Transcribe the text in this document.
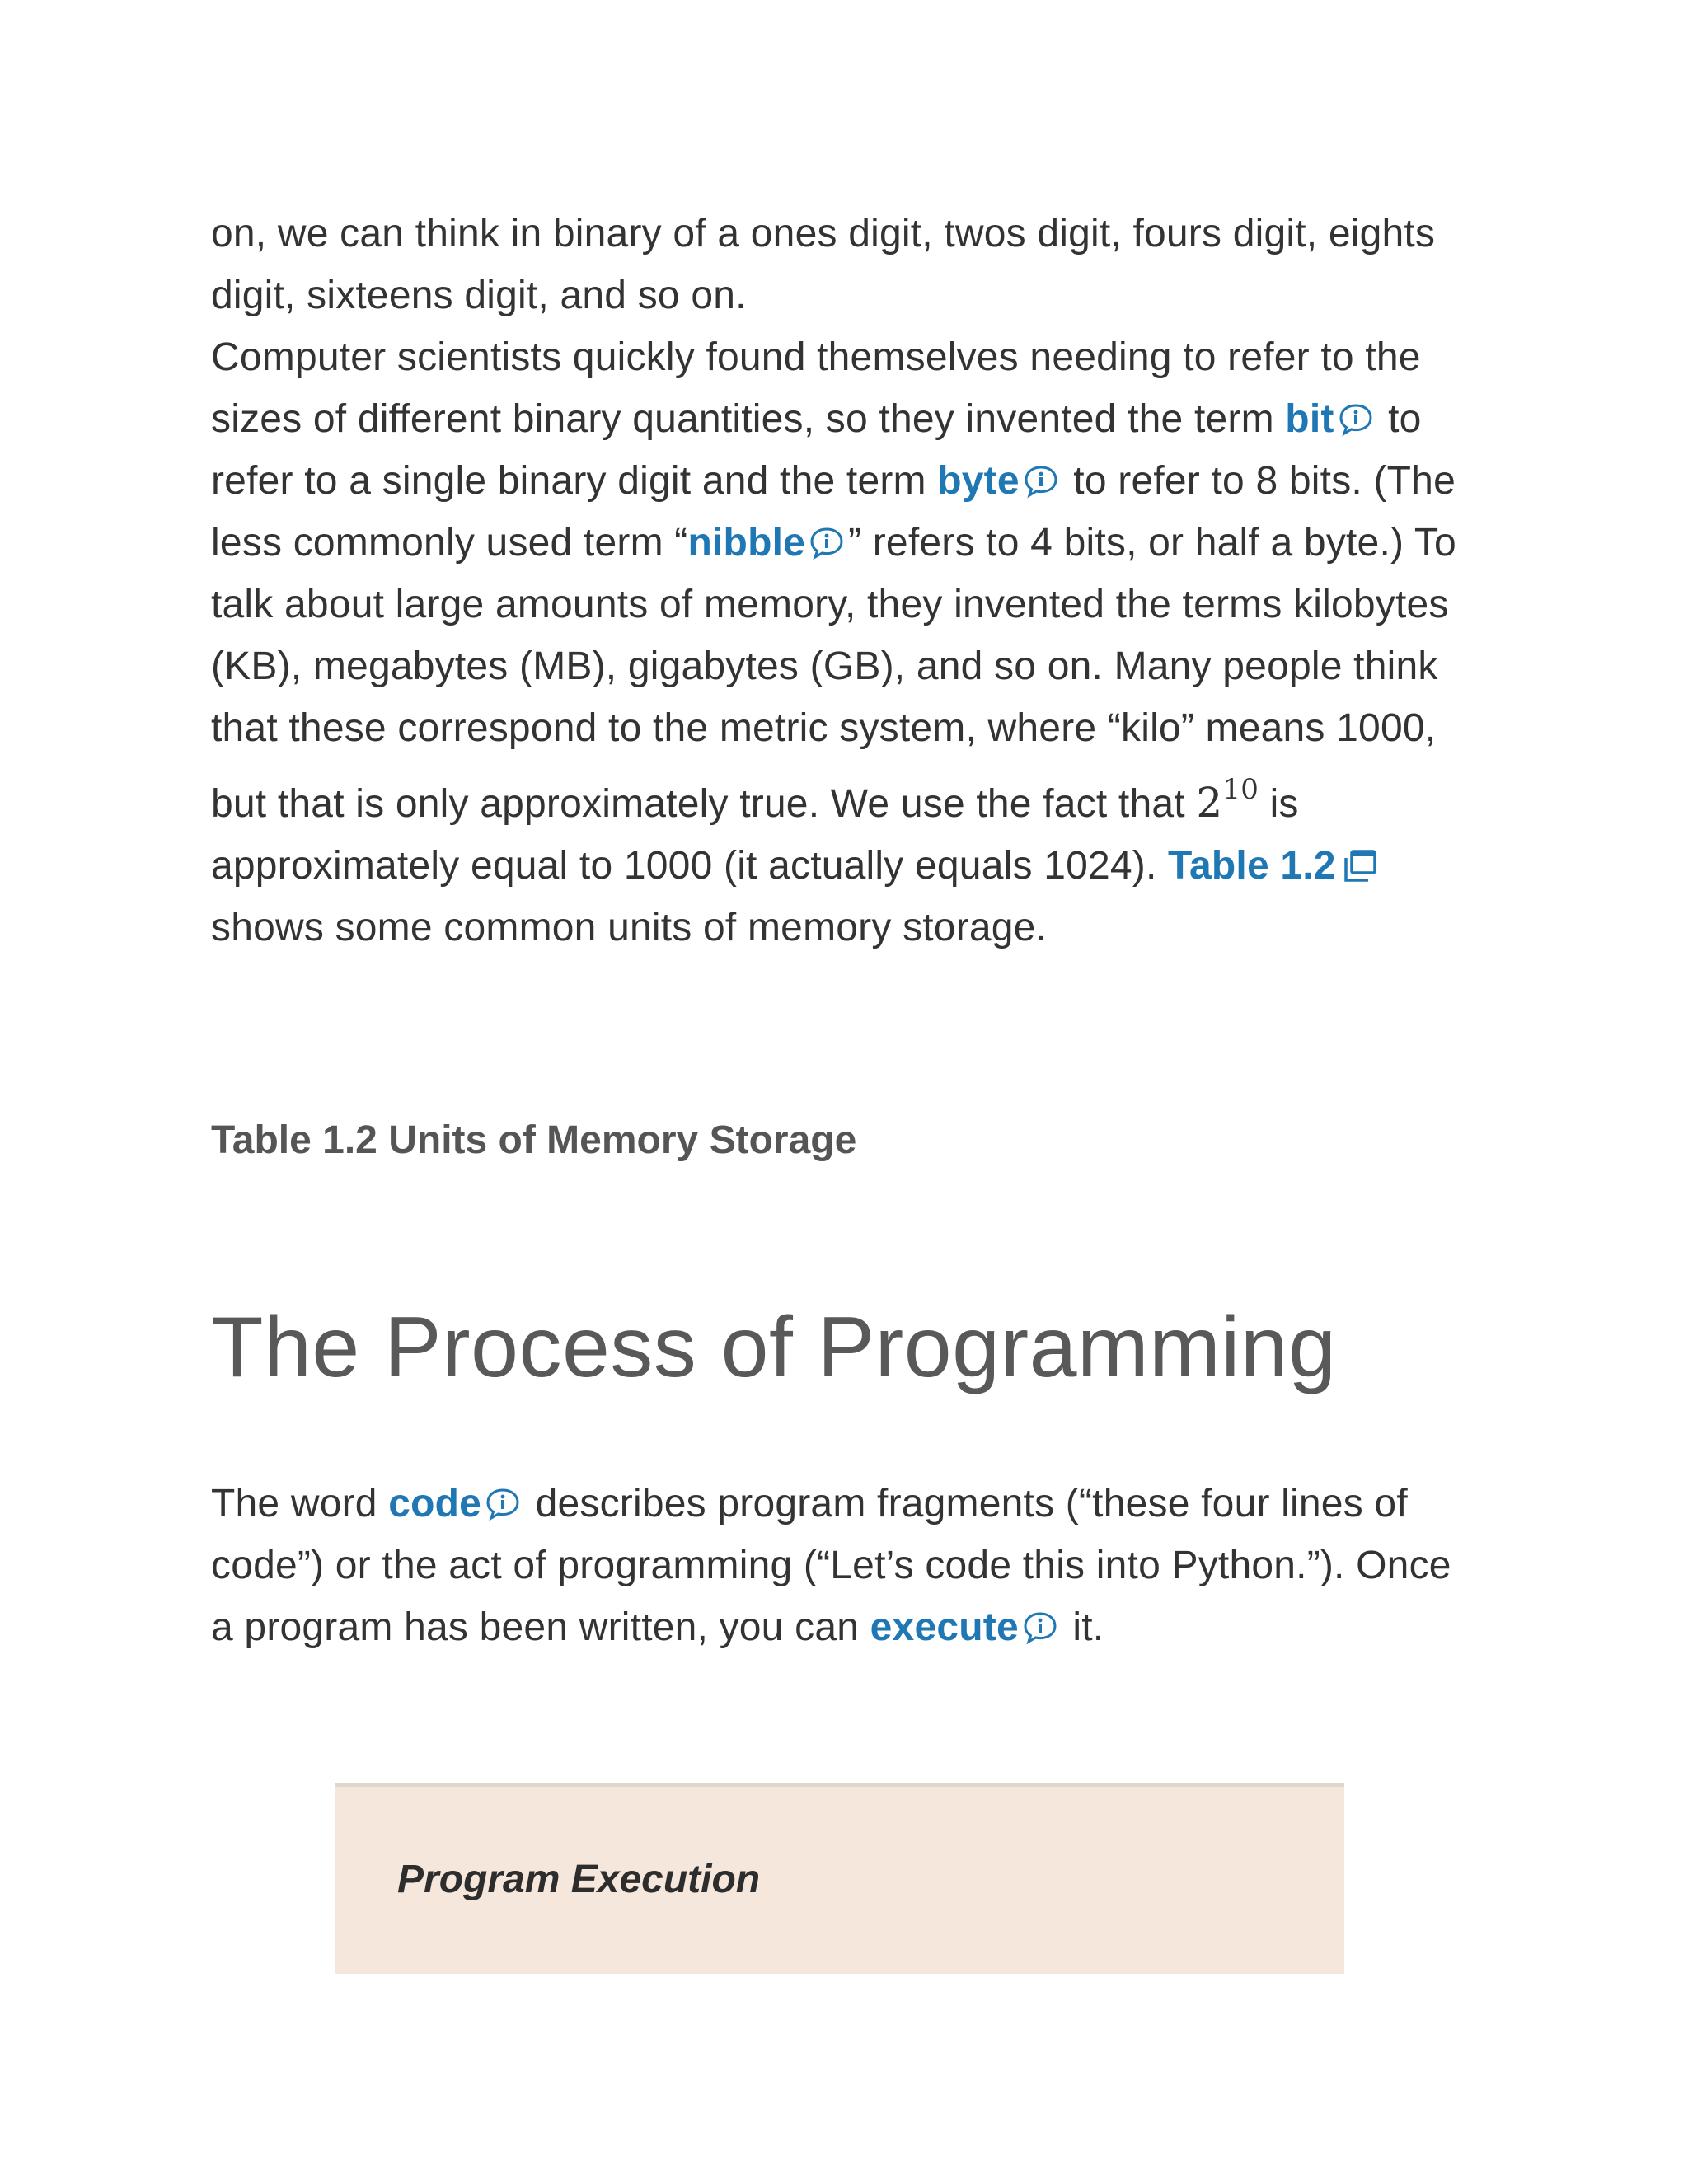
on, we can think in binary of a ones digit, twos digit, fours digit, eights digit, sixteens digit, and so on.

Computer scientists quickly found themselves needing to refer to the sizes of different binary quantities, so they invented the term bit to refer to a single binary digit and the term byte to refer to 8 bits. (The less commonly used term “nibble ” refers to 4 bits, or half a byte.) To talk about large amounts of memory, they invented the terms kilobytes (KB), megabytes (MB), gigabytes (GB), and so on. Many people think that these correspond to the metric system, where “kilo” means 1000, but that is only approximately true. We use the fact that $2^{10}$ is approximately equal to 1000 (it actually equals 1024). Table 1.2 shows some common units of memory storage.

Table 1.2 Units of Memory Storage

The Process of Programming

The word code describes program fragments (“these four lines of code”) or the act of programming (“Let’s code this into Python.”). Once a program has been written, you can execute it.

Program Execution
